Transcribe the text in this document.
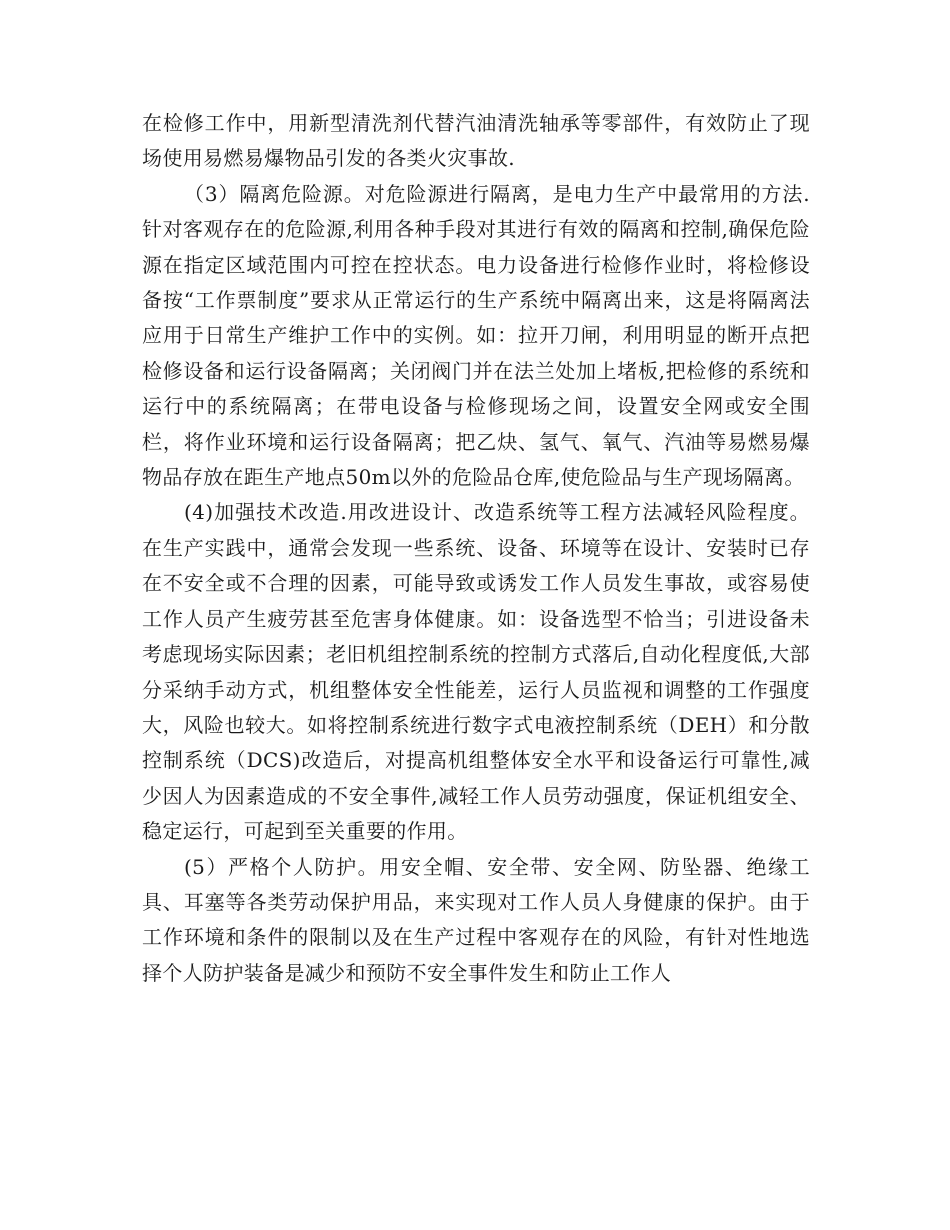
在检修工作中，用新型清洗剂代替汽油清洗轴承等零部件，有效防止了现场使用易燃易爆物品引发的各类火灾事故.

（3）隔离危险源。对危险源进行隔离，是电力生产中最常用的方法.针对客观存在的危险源,利用各种手段对其进行有效的隔离和控制,确保危险源在指定区域范围内可控在控状态。电力设备进行检修作业时，将检修设备按“工作票制度”要求从正常运行的生产系统中隔离出来，这是将隔离法应用于日常生产维护工作中的实例。如：拉开刀闸，利用明显的断开点把检修设备和运行设备隔离；关闭阀门并在法兰处加上堵板,把检修的系统和运行中的系统隔离；在带电设备与检修现场之间，设置安全网或安全围栏，将作业环境和运行设备隔离；把乙炔、氢气、氧气、汽油等易燃易爆物品存放在距生产地点50m以外的危险品仓库,使危险品与生产现场隔离。

(4)加强技术改造.用改进设计、改造系统等工程方法减轻风险程度。在生产实践中，通常会发现一些系统、设备、环境等在设计、安装时已存在不安全或不合理的因素，可能导致或诱发工作人员发生事故，或容易使工作人员产生疲劳甚至危害身体健康。如：设备选型不恰当；引进设备未考虑现场实际因素；老旧机组控制系统的控制方式落后,自动化程度低,大部分采纳手动方式，机组整体安全性能差，运行人员监视和调整的工作强度大，风险也较大。如将控制系统进行数字式电液控制系统（DEH）和分散控制系统（DCS)改造后，对提高机组整体安全水平和设备运行可靠性,减少因人为因素造成的不安全事件,减轻工作人员劳动强度，保证机组安全、稳定运行，可起到至关重要的作用。

(5）严格个人防护。用安全帽、安全带、安全网、防坠器、绝缘工具、耳塞等各类劳动保护用品，来实现对工作人员人身健康的保护。由于工作环境和条件的限制以及在生产过程中客观存在的风险，有针对性地选择个人防护装备是减少和预防不安全事件发生和防止工作人
